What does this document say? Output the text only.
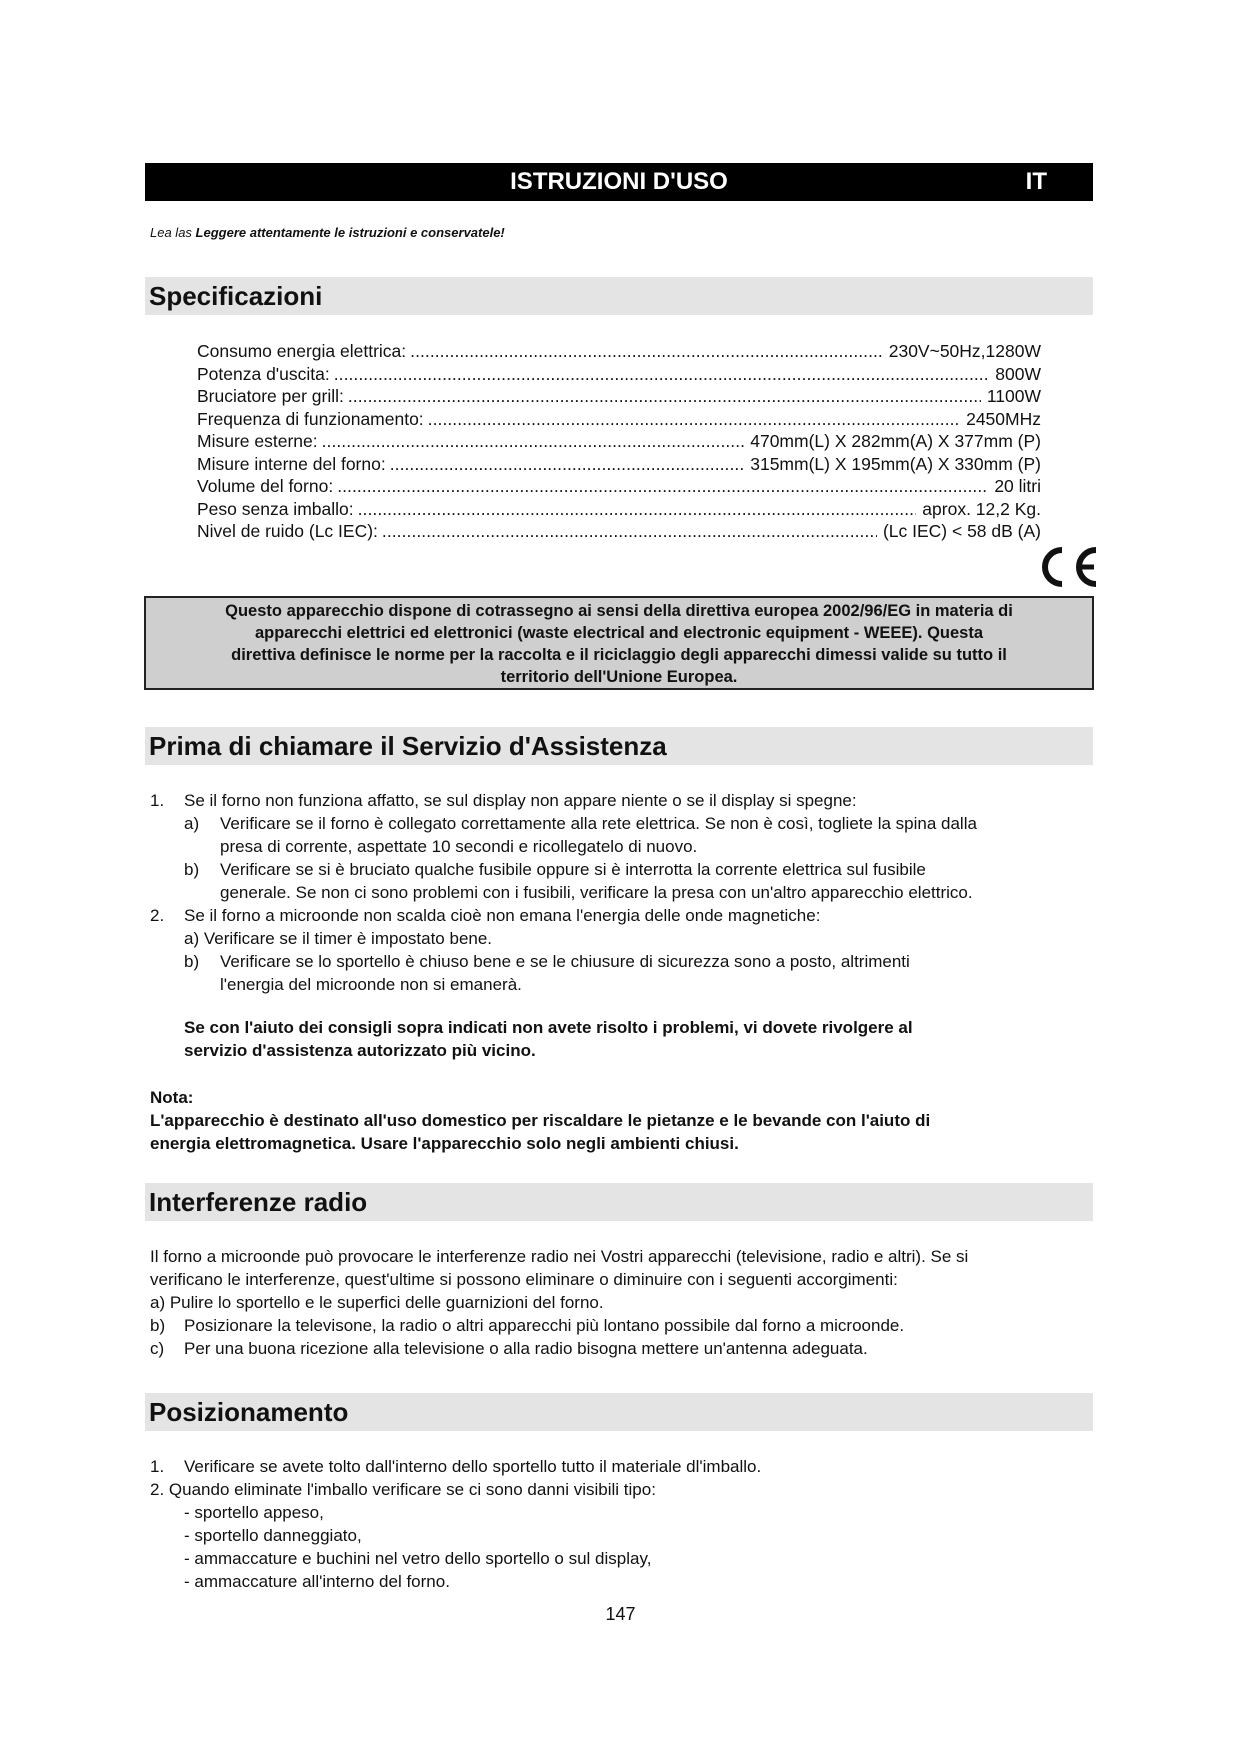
ISTRUZIONI D'USO	IT
Lea las Leggere attentamente le istruzioni e conservatele!
Specificazioni
Consumo energia elettrica: . . .	230V~50Hz,1280W
Potenza d'uscita: . . .	800W
Bruciatore per grill: . . .	1100W
Frequenza di funzionamento: . . .	2450MHz
Misure esterne: . . .	470mm(L) X 282mm(A) X 377mm (P)
Misure interne del forno: . . .	315mm(L) X 195mm(A) X 330mm (P)
Volume del forno: . . .	20 litri
Peso senza imballo: . . .	aprox. 12,2 Kg.
Nivel de ruido (Lc IEC): . . .	(Lc IEC) < 58 dB (A)
Questo apparecchio dispone di cotrassegno ai sensi della direttiva europea 2002/96/EG in materia di
apparecchi elettrici ed elettronici (waste electrical and electronic equipment - WEEE). Questa
direttiva definisce le norme per la raccolta e il riciclaggio degli apparecchi dimessi valide su tutto il
territorio dell'Unione Europea.
Prima di chiamare il Servizio d'Assistenza
1. Se il forno non funziona affatto, se sul display non appare niente o se il display si spegne:
a) Verificare se il forno è collegato correttamente alla rete elettrica. Se non è così, togliete la spina dalla
presa di corrente, aspettate 10 secondi e ricollegatelo di nuovo.
b) Verificare se si è bruciato qualche fusibile oppure si è interrotta la corrente elettrica sul fusibile
generale. Se non ci sono problemi con i fusibili, verificare la presa con un'altro apparecchio elettrico.
2. Se il forno a microonde non scalda cioè non emana l'energia delle onde magnetiche:
a) Verificare se il timer è impostato bene.
b) Verificare se lo sportello è chiuso bene e se le chiusure di sicurezza sono a posto, altrimenti
l'energia del microonde non si emanerà.
Se con l'aiuto dei consigli sopra indicati non avete risolto i problemi, vi dovete rivolgere al
servizio d'assistenza autorizzato più vicino.
Nota:
L'apparecchio è destinato all'uso domestico per riscaldare le pietanze e le bevande con l'aiuto di
energia elettromagnetica. Usare l'apparecchio solo negli ambienti chiusi.
Interferenze radio
Il forno a microonde può provocare le interferenze radio nei Vostri apparecchi (televisione, radio e altri). Se si
verificano le interferenze, quest'ultime si possono eliminare o diminuire con i seguenti accorgimenti:
a) Pulire lo sportello e le superfici delle guarnizioni del forno.
b) Posizionare la televisone, la radio o altri apparecchi più lontano possibile dal forno a microonde.
c) Per una buona ricezione alla televisione o alla radio bisogna mettere un'antenna adeguata.
Posizionamento
1. Verificare se avete tolto dall'interno dello sportello tutto il materiale dl'imballo.
2. Quando eliminate l'imballo verificare se ci sono danni visibili tipo:
- sportello appeso,
- sportello danneggiato,
- ammaccature e buchini nel vetro dello sportello o sul display,
- ammaccature all'interno del forno.
147
